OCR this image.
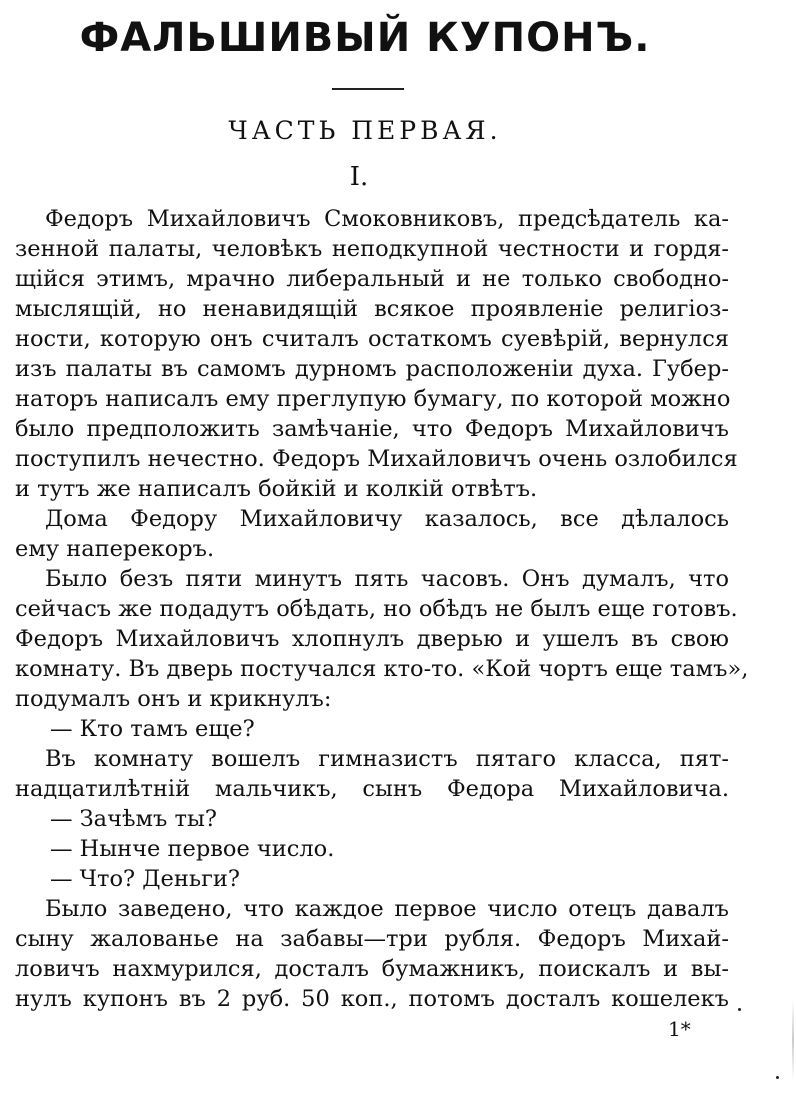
ФАЛЬШИВЫЙ КУПОНЪ.
ЧАСТЬ ПЕРВАЯ.
I.
Федоръ Михайловичъ Смоковниковъ, предсѣдатель ка-
зенной палаты, человѣкъ неподкупной честности и гордя-
щійся этимъ, мрачно либеральный и не только свободно-
мыслящій, но ненавидящій всякое проявленіе религіоз-
ности, которую онъ считалъ остаткомъ суевѣрій, вернулся
изъ палаты въ самомъ дурномъ расположеніи духа. Губер-
наторъ написалъ ему преглупую бумагу, по которой можно
было предположить замѣчаніе, что Федоръ Михайловичъ
поступилъ нечестно. Федоръ Михайловичъ очень озлобился
и тутъ же написалъ бойкій и колкій отвѣтъ.
Дома Федору Михайловичу казалось, все дѣлалось
ему наперекоръ.
Было безъ пяти минутъ пять часовъ. Онъ думалъ, что
сейчасъ же подадутъ обѣдать, но обѣдъ не былъ еще готовъ.
Федоръ Михайловичъ хлопнулъ дверью и ушелъ въ свою
комнату. Въ дверь постучался кто-то. «Кой чортъ еще тамъ»,
подумалъ онъ и крикнулъ:
— Кто тамъ еще?
Въ комнату вошелъ гимназистъ пятаго класса, пят-
надцатилѣтній мальчикъ, сынъ Федора Михайловича.
— Зачѣмъ ты?
— Нынче первое число.
— Что? Деньги?
Было заведено, что каждое первое число отецъ давалъ
сыну жалованье на забавы—три рубля. Федоръ Михай-
ловичъ нахмурился, досталъ бумажникъ, поискалъ и вы-
нулъ купонъ въ 2 руб. 50 коп., потомъ досталъ кошелекъ
1*
